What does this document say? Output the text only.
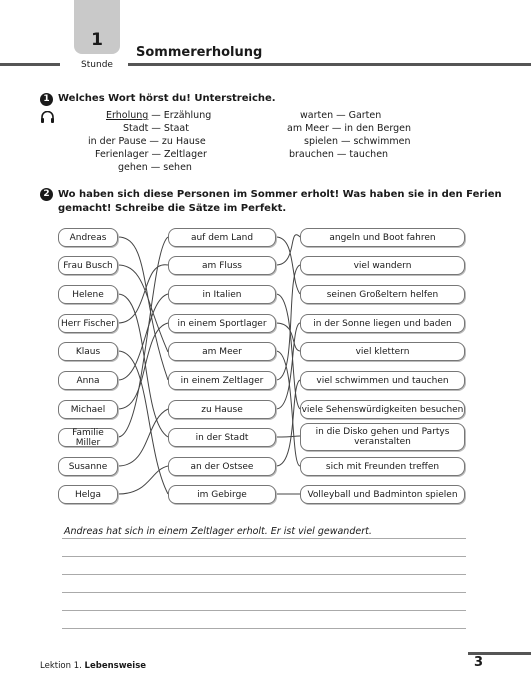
1
Stunde
Sommererholung
1 Welches Wort hörst du! Unterstreiche.
Erholung — Erzählung
Stadt — Staat
in der Pause — zu Hause
Ferienlager — Zeltlager
gehen — sehen
warten — Garten
am Meer — in den Bergen
spielen — schwimmen
brauchen — tauchen
2 Wo haben sich diese Personen im Sommer erholt! Was haben sie in den Ferien
gemacht! Schreibe die Sätze im Perfekt.
Andreas
Frau Busch
Helene
Herr Fischer
Klaus
Anna
Michael
Familie Miller
Susanne
Helga
auf dem Land
am Fluss
in Italien
in einem Sportlager
am Meer
in einem Zeltlager
zu Hause
in der Stadt
an der Ostsee
im Gebirge
angeln und Boot fahren
viel wandern
seinen Großeltern helfen
in der Sonne liegen und baden
viel klettern
viel schwimmen und tauchen
viele Sehenswürdigkeiten besuchen
in die Disko gehen und Partys veranstalten
sich mit Freunden treffen
Volleyball und Badminton spielen
Andreas hat sich in einem Zeltlager erholt. Er ist viel gewandert.
Lektion 1. Lebensweise	3
